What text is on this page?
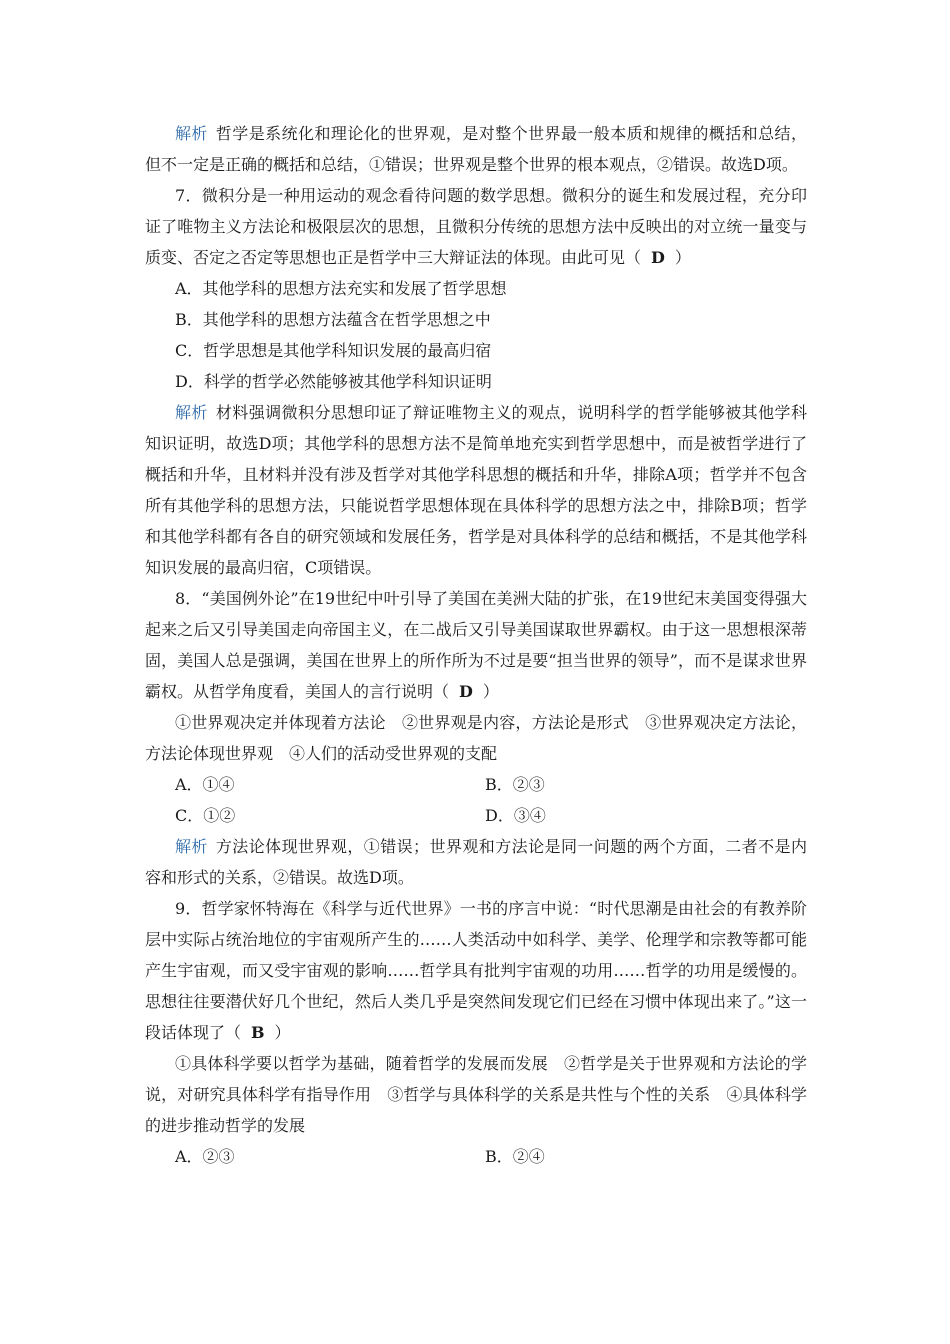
解析 哲学是系统化和理论化的世界观，是对整个世界最一般本质和规律的概括和总结，但不一定是正确的概括和总结，①错误；世界观是整个世界的根本观点，②错误。故选D项。

7．微积分是一种用运动的观念看待问题的数学思想。微积分的诞生和发展过程，充分印证了唯物主义方法论和极限层次的思想，且微积分传统的思想方法中反映出的对立统一量变与质变、否定之否定等思想也正是哲学中三大辩证法的体现。由此可见（ D ）

A．其他学科的思想方法充实和发展了哲学思想

B．其他学科的思想方法蕴含在哲学思想之中

C．哲学思想是其他学科知识发展的最高归宿

D．科学的哲学必然能够被其他学科知识证明

解析 材料强调微积分思想印证了辩证唯物主义的观点，说明科学的哲学能够被其他学科知识证明，故选D项；其他学科的思想方法不是简单地充实到哲学思想中，而是被哲学进行了概括和升华，且材料并没有涉及哲学对其他学科思想的概括和升华，排除A项；哲学并不包含所有其他学科的思想方法，只能说哲学思想体现在具体科学的思想方法之中，排除B项；哲学和其他学科都有各自的研究领域和发展任务，哲学是对具体科学的总结和概括，不是其他学科知识发展的最高归宿，C项错误。

8．“美国例外论”在19世纪中叶引导了美国在美洲大陆的扩张，在19世纪末美国变得强大起来之后又引导美国走向帝国主义，在二战后又引导美国谋取世界霸权。由于这一思想根深蒂固，美国人总是强调，美国在世界上的所作所为不过是要“担当世界的领导”，而不是谋求世界霸权。从哲学角度看，美国人的言行说明（ D ）

①世界观决定并体现着方法论　②世界观是内容，方法论是形式　③世界观决定方法论，方法论体现世界观　④人们的活动受世界观的支配

A．①④	B．②③
C．①②	D．③④

解析 方法论体现世界观，①错误；世界观和方法论是同一问题的两个方面，二者不是内容和形式的关系，②错误。故选D项。

9．哲学家怀特海在《科学与近代世界》一书的序言中说：“时代思潮是由社会的有教养阶层中实际占统治地位的宇宙观所产生的……人类活动中如科学、美学、伦理学和宗教等都可能产生宇宙观，而又受宇宙观的影响……哲学具有批判宇宙观的功用……哲学的功用是缓慢的。思想往往要潜伏好几个世纪，然后人类几乎是突然间发现它们已经在习惯中体现出来了。”这一段话体现了（ B ）

①具体科学要以哲学为基础，随着哲学的发展而发展　②哲学是关于世界观和方法论的学说，对研究具体科学有指导作用　③哲学与具体科学的关系是共性与个性的关系　④具体科学的进步推动哲学的发展

A．②③	B．②④
